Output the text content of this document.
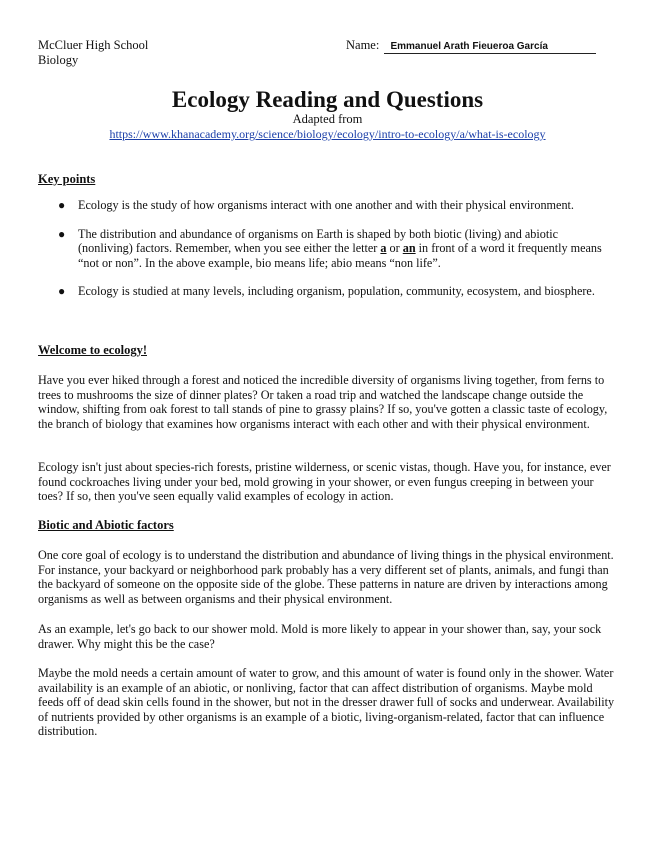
McCluer High School
Biology
Name: Emmanuel Arath Fieueroa García
Ecology Reading and Questions
Adapted from
https://www.khanacademy.org/science/biology/ecology/intro-to-ecology/a/what-is-ecology
Key points
● Ecology is the study of how organisms interact with one another and with their physical environment.
● The distribution and abundance of organisms on Earth is shaped by both biotic (living) and abiotic (nonliving) factors. Remember, when you see either the letter a or an in front of a word it frequently means “not or non”. In the above example, bio means life; abio means “non life”.
● Ecology is studied at many levels, including organism, population, community, ecosystem, and biosphere.
Welcome to ecology!

Have you ever hiked through a forest and noticed the incredible diversity of organisms living together, from ferns to trees to mushrooms the size of dinner plates? Or taken a road trip and watched the landscape change outside the window, shifting from oak forest to tall stands of pine to grassy plains? If so, you've gotten a classic taste of ecology, the branch of biology that examines how organisms interact with each other and with their physical environment.

Ecology isn't just about species-rich forests, pristine wilderness, or scenic vistas, though. Have you, for instance, ever found cockroaches living under your bed, mold growing in your shower, or even fungus creeping in between your toes? If so, then you've seen equally valid examples of ecology in action.

Biotic and Abiotic factors

One core goal of ecology is to understand the distribution and abundance of living things in the physical environment. For instance, your backyard or neighborhood park probably has a very different set of plants, animals, and fungi than the backyard of someone on the opposite side of the globe. These patterns in nature are driven by interactions among organisms as well as between organisms and their physical environment.

As an example, let's go back to our shower mold. Mold is more likely to appear in your shower than, say, your sock drawer. Why might this be the case?

Maybe the mold needs a certain amount of water to grow, and this amount of water is found only in the shower. Water availability is an example of an abiotic, or nonliving, factor that can affect distribution of organisms. Maybe mold feeds off of dead skin cells found in the shower, but not in the dresser drawer full of socks and underwear. Availability of nutrients provided by other organisms is an example of a biotic, living-organism-related, factor that can influence distribution.
